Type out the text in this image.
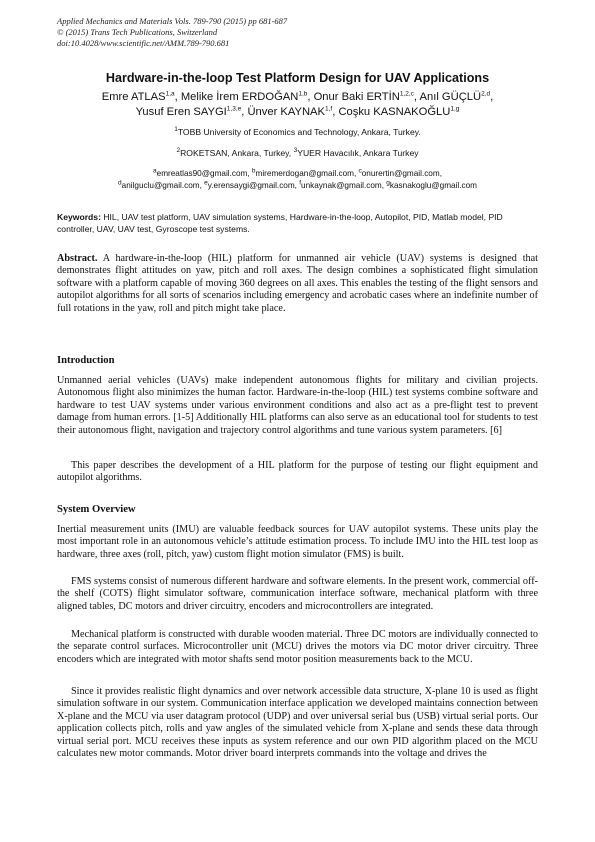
Applied Mechanics and Materials Vols. 789-790 (2015) pp 681-687
© (2015) Trans Tech Publications, Switzerland
doi:10.4028/www.scientific.net/AMM.789-790.681
Hardware-in-the-loop Test Platform Design for UAV Applications
Emre ATLAS$^{1,a}$, Melike İrem ERDOĞAN$^{1,b}$, Onur Baki ERTİN$^{1,2,c}$, Anıl GÜÇLÜ$^{2,d}$,
Yusuf Eren SAYGI$^{1,3,e}$, Ünver KAYNAK$^{1,f}$, Coşku KASNAKOĞLU$^{1,g}$
$^1$TOBB University of Economics and Technology, Ankara, Turkey.
$^2$ROKETSAN, Ankara, Turkey, $^3$YUER Havacılık, Ankara Turkey
$^a$emreatlas90@gmail.com, $^b$miremerdogan@gmail.com, $^c$onurertin@gmail.com,
$^d$anilguclu@gmail.com, $^e$y.erensaygi@gmail.com, $^f$unkaynak@gmail.com, $^g$kasnakoglu@gmail.com
Keywords: HIL, UAV test platform, UAV simulation systems, Hardware-in-the-loop, Autopilot, PID, Matlab model, PID controller, UAV, UAV test, Gyroscope test systems.
Abstract. A hardware-in-the-loop (HIL) platform for unmanned air vehicle (UAV) systems is designed that demonstrates flight attitudes on yaw, pitch and roll axes. The design combines a sophisticated flight simulation software with a platform capable of moving 360 degrees on all axes. This enables the testing of the flight sensors and autopilot algorithms for all sorts of scenarios including emergency and acrobatic cases where an indefinite number of full rotations in the yaw, roll and pitch might take place.
Introduction
Unmanned aerial vehicles (UAVs) make independent autonomous flights for military and civilian projects. Autonomous flight also minimizes the human factor. Hardware-in-the-loop (HIL) test systems combine software and hardware to test UAV systems under various environment conditions and also act as a pre-flight test to prevent damage from human errors. [1-5] Additionally HIL platforms can also serve as an educational tool for students to test their autonomous flight, navigation and trajectory control algorithms and tune various system parameters. [6]
This paper describes the development of a HIL platform for the purpose of testing our flight equipment and autopilot algorithms.
System Overview
Inertial measurement units (IMU) are valuable feedback sources for UAV autopilot systems. These units play the most important role in an autonomous vehicle’s attitude estimation process. To include IMU into the HIL test loop as hardware, three axes (roll, pitch, yaw) custom flight motion simulator (FMS) is built.
FMS systems consist of numerous different hardware and software elements. In the present work, commercial off-the shelf (COTS) flight simulator software, communication interface software, mechanical platform with three aligned tables, DC motors and driver circuitry, encoders and microcontrollers are integrated.
Mechanical platform is constructed with durable wooden material. Three DC motors are individually connected to the separate control surfaces. Microcontroller unit (MCU) drives the motors via DC motor driver circuitry. Three encoders which are integrated with motor shafts send motor position measurements back to the MCU.
Since it provides realistic flight dynamics and over network accessible data structure, X-plane 10 is used as flight simulation software in our system. Communication interface application we developed maintains connection between X-plane and the MCU via user datagram protocol (UDP) and over universal serial bus (USB) virtual serial ports. Our application collects pitch, rolls and yaw angles of the simulated vehicle from X-plane and sends these data through virtual serial port. MCU receives these inputs as system reference and our own PID algorithm placed on the MCU calculates new motor commands. Motor driver board interprets commands into the voltage and drives the
